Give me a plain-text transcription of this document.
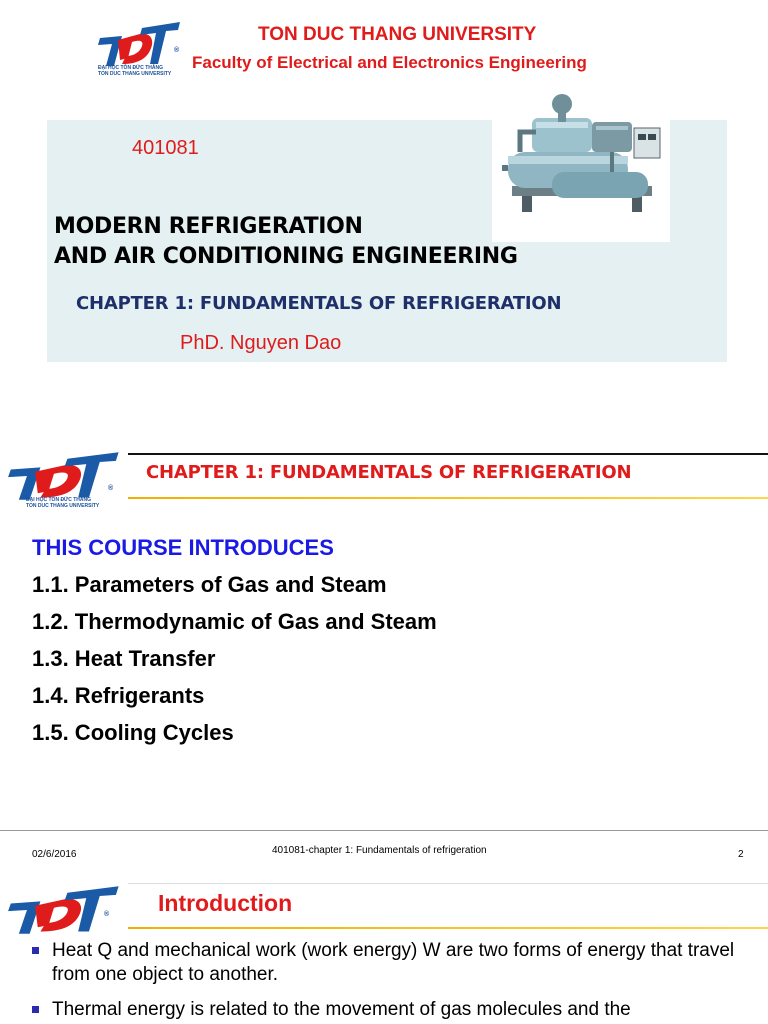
ĐẠI HỌC TÔN ĐỨC THẮNG
TON DUC THANG UNIVERSITY
®
TON DUC THANG UNIVERSITY
Faculty of Electrical and Electronics Engineering
401081
MODERN REFRIGERATION
AND AIR CONDITIONING ENGINEERING
CHAPTER 1: FUNDAMENTALS OF REFRIGERATION
PhD. Nguyen Dao
ĐẠI HỌC TÔN ĐỨC THẮNG
TON DUC THANG UNIVERSITY
®
CHAPTER 1: FUNDAMENTALS OF REFRIGERATION
THIS COURSE INTRODUCES
1.1. Parameters of Gas and Steam
1.2. Thermodynamic of Gas and Steam
1.3. Heat Transfer
1.4. Refrigerants
1.5. Cooling Cycles
02/6/2016	401081-chapter 1: Fundamentals of refrigeration	2
® Introduction
Heat Q and mechanical work (work energy) W are two forms of energy that travel from one object to another.
Thermal energy is related to the movement of gas molecules and the
